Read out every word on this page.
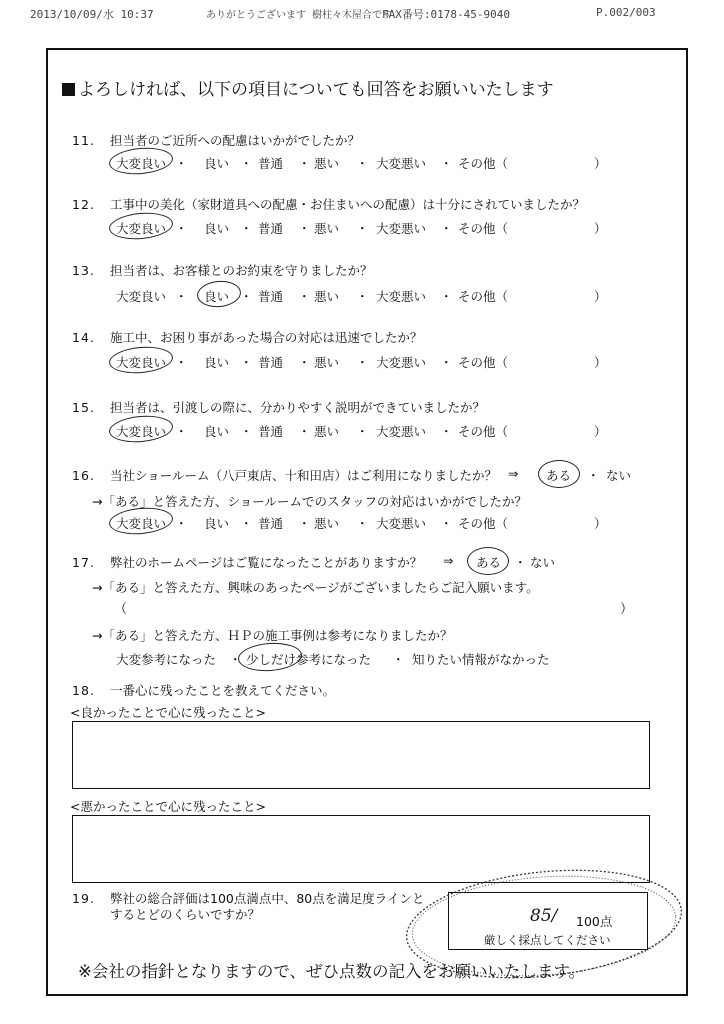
2013/10/09/水 10:37	ありがとうございます 樹柱々木屋合です
FAX番号:0178-45-9040	P.002/003
よろしければ、以下の項目についても回答をお願いいたします
11. 担当者のご近所への配慮はいかがでしたか？
12. 工事中の美化（家財道具への配慮・お住まいへの配慮）は十分にされていましたか？
13. 担当者は、お客様とのお約束を守りましたか？
14. 施工中、お困り事があった場合の対応は迅速でしたか？
15. 担当者は、引渡しの際に、分かりやすく説明ができていましたか？
16. 当社ショールーム（八戸東店、十和田店）はご利用になりましたか？ ⇒ ある ・ ない
→「ある」と答えた方、ショールームでのスタッフの対応はいかがでしたか？
大変良い ・ 良い ・ 普通 ・ 悪い ・ 大変悪い ・ その他（	）
大変良い ・ 良い ・ 普通 ・ 悪い ・ 大変悪い ・ その他（	）
大変良い ・ 良い ・ 普通 ・ 悪い ・ 大変悪い ・ その他（	）
大変良い ・ 良い ・ 普通 ・ 悪い ・ 大変悪い ・ その他（	）
大変良い ・ 良い ・ 普通 ・ 悪い ・ 大変悪い ・ その他（	）
大変良い ・ 良い ・ 普通 ・ 悪い ・ 大変悪い ・ その他（	）
17. 弊社のホームページはご覧になったことがありますか？ ⇒ ある ・ ない
→「ある」と答えた方、興味のあったページがございましたらご記入願います。
（	）
→「ある」と答えた方、ＨＰの施工事例は参考になりましたか？
大変参考になった ・ 少しだけ参考になった ・ 知りたい情報がなかった
18. 一番心に残ったことを教えてください。
<良かったことで心に残ったこと>
<悪かったことで心に残ったこと>
19. 弊社の総合評価は100点満点中、80点を満足度ラインと
するとどのくらいですか？	85/ 100点
厳しく採点してください
※会社の指針となりますので、ぜひ点数の記入をお願いいたします。
